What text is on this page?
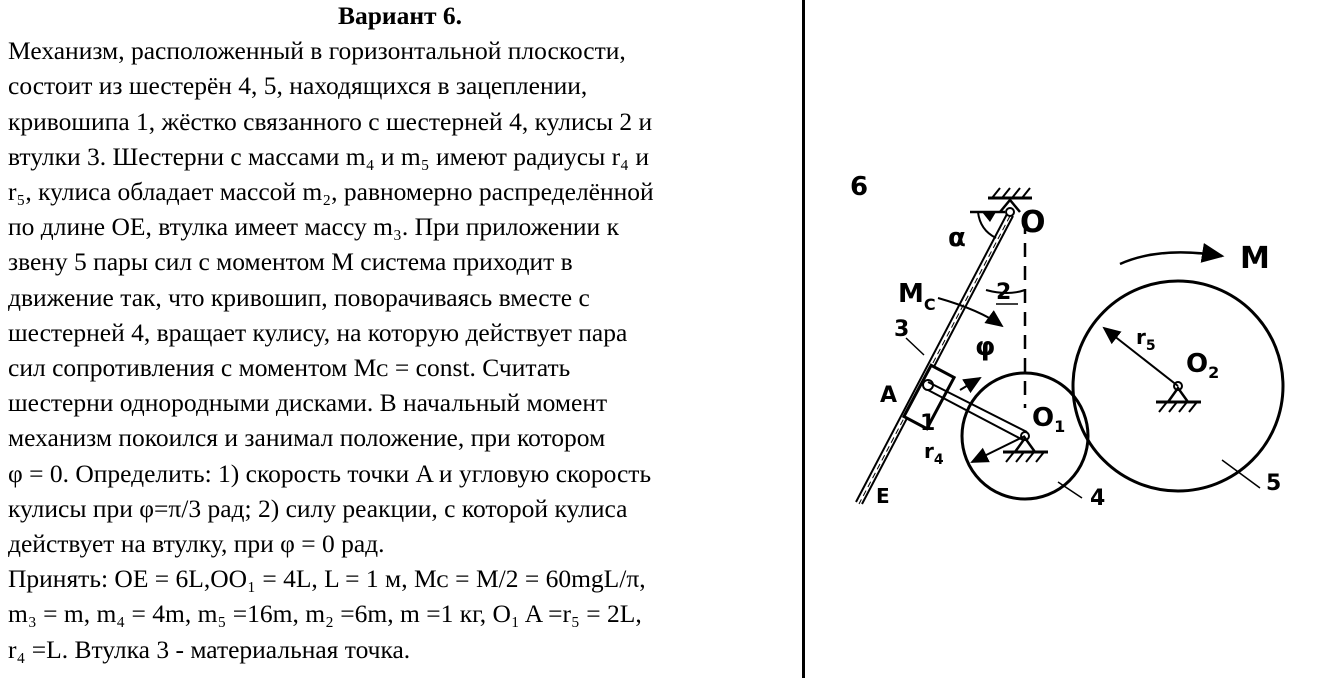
Вариант 6.
Механизм, расположенный в горизонтальной плоскости,
состоит из шестерён 4, 5, находящихся в зацеплении,
кривошипа 1, жёстко связанного с шестерней 4, кулисы 2 и
втулки 3. Шестерни с массами m₄ и m₅ имеют радиусы r₄ и
r₅, кулиса обладает массой m₂, равномерно распределённой
по длине OE, втулка имеет массу m₃. При приложении к
звену 5 пары сил с моментом M система приходит в
движение так, что кривошип, поворачиваясь вместе с
шестерней 4, вращает кулису, на которую действует пара
сил сопротивления с моментом Mᴄ = const. Считать
шестерни однородными дисками. В начальный момент
механизм покоился и занимал положение, при котором
φ = 0. Определить: 1) скорость точки A и угловую скорость
кулисы при φ=π/3 рад; 2) силу реакции, с которой кулиса
действует на втулку, при φ = 0 рад.
Принять: OE = 6L,OO₁ = 4L, L = 1 м, Mᴄ = M/2 = 60mgL/π,
m₃ = m, m₄ = 4m, m₅ =16m, m₂ =6m, m =1 кг, O₁ A =r₅ = 2L,
r₄ =L. Втулка 3 - материальная точка.
6
O
α
E
φ
$M_C$	2
3
A
1	$O_1$
$r_4$
4
$O_2$
$r_5$
5
M
